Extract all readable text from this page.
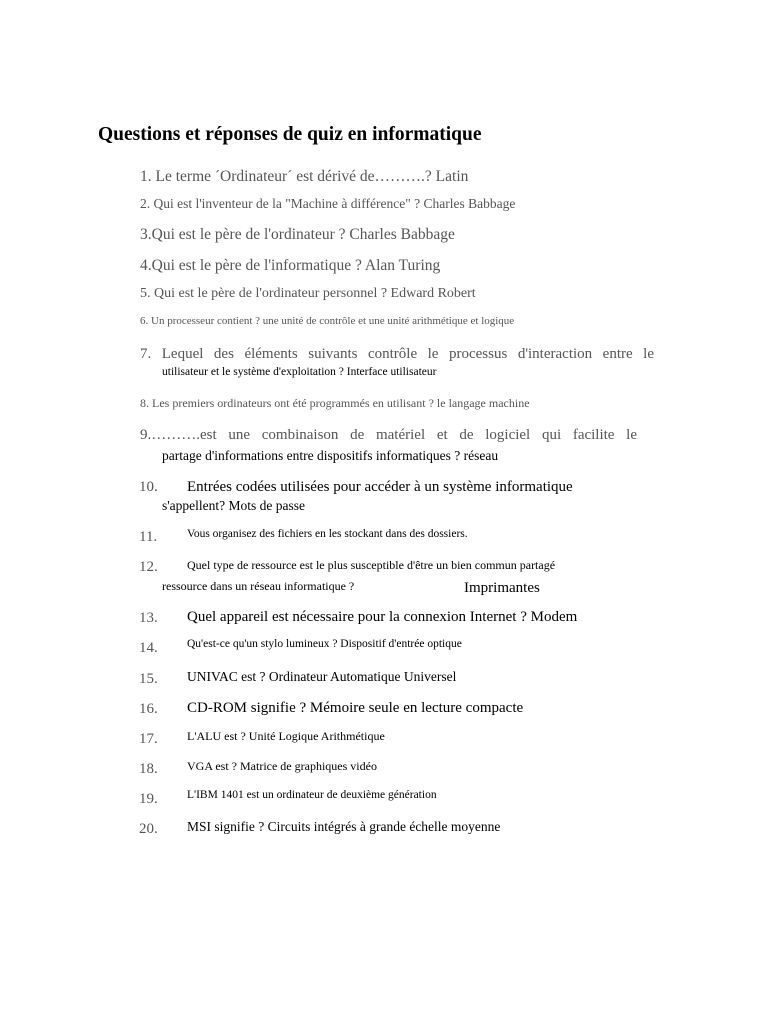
Questions et réponses de quiz en informatique
1. Le terme ´Ordinateur´ est dérivé de……….? Latin
2. Qui est l'inventeur de la "Machine à différence" ? Charles Babbage
3.Qui est le père de l'ordinateur ? Charles Babbage
4.Qui est le père de l'informatique ? Alan Turing
5. Qui est le père de l'ordinateur personnel ? Edward Robert
6. Un processeur contient ? une unité de contrôle et une unité arithmétique et logique
7. Lequel des éléments suivants contrôle le processus d'interaction entre le
utilisateur et le système d'exploitation ? Interface utilisateur
8. Les premiers ordinateurs ont été programmés en utilisant ? le langage machine
9.……….est une combinaison de matériel et de logiciel qui facilite le
partage d'informations entre dispositifs informatiques ? réseau
10. Entrées codées utilisées pour accéder à un système informatique
s'appellent? Mots de passe
11.	Vous organisez des fichiers en les stockant dans des dossiers.
12. Quel type de ressource est le plus susceptible d'être un bien commun partagé
ressource dans un réseau informatique ?	Imprimantes
13. Quel appareil est nécessaire pour la connexion Internet ? Modem
14.	Qu'est-ce qu'un stylo lumineux ? Dispositif d'entrée optique
15. UNIVAC est ? Ordinateur Automatique Universel
16. CD-ROM signifie ? Mémoire seule en lecture compacte
17. L'ALU est ? Unité Logique Arithmétique
18. VGA est ? Matrice de graphiques vidéo
19.	L'IBM 1401 est un ordinateur de deuxième génération
20. MSI signifie ? Circuits intégrés à grande échelle moyenne
